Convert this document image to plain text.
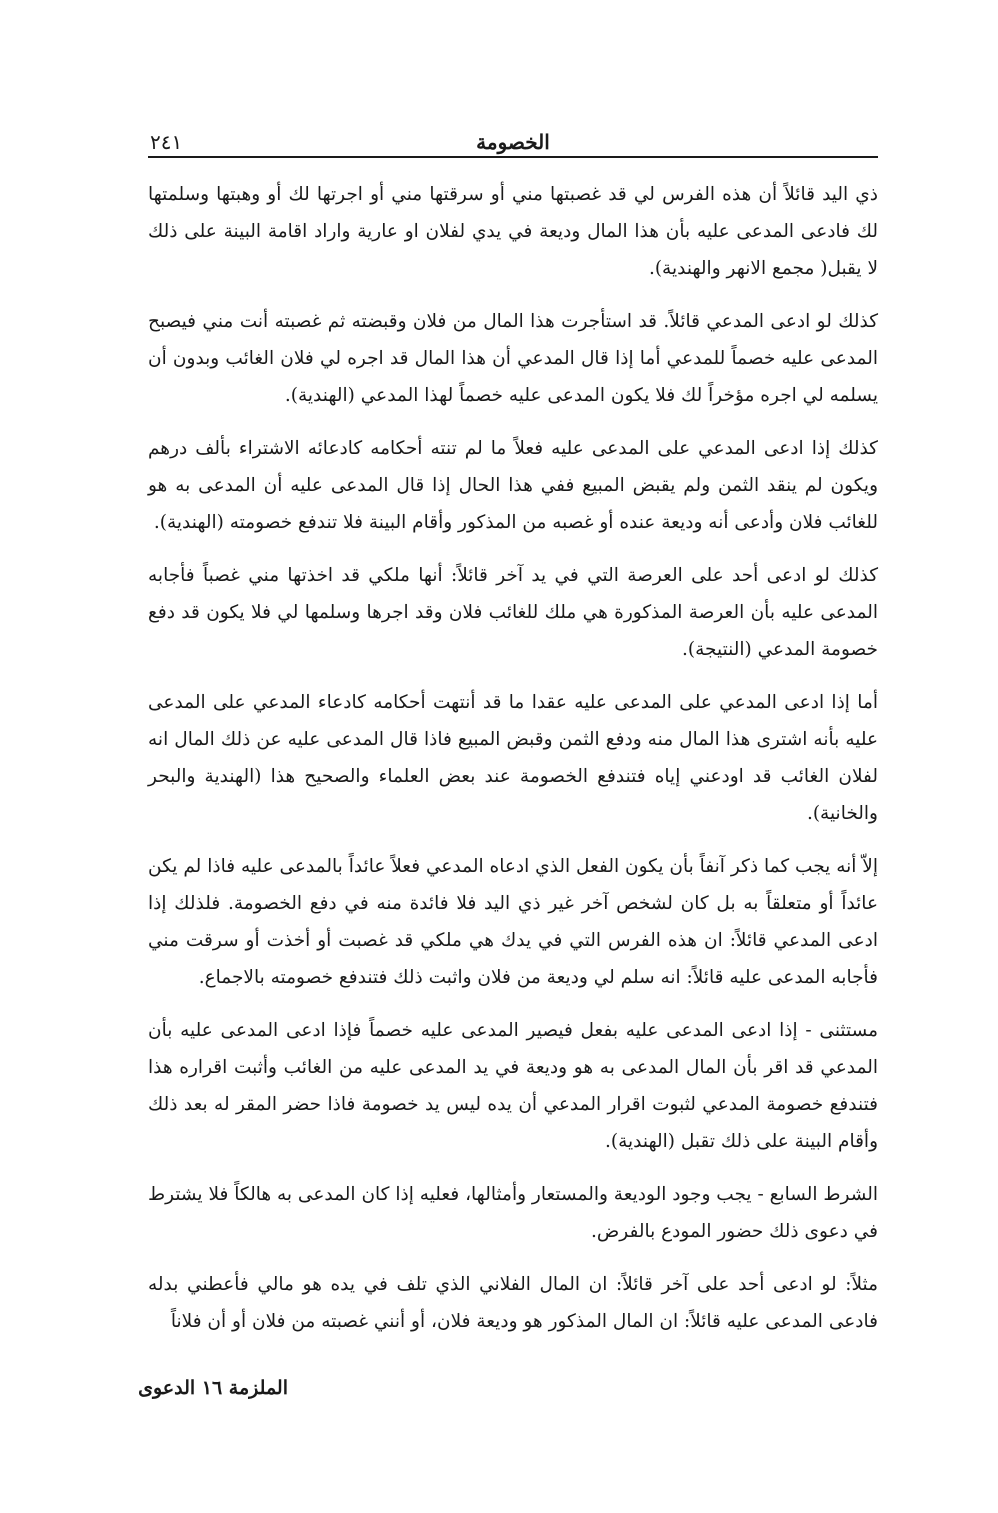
الخصومة
٢٤١

ذي اليد قائلاً أن هذه الفرس لي قد غصبتها مني أو سرقتها مني أو اجرتها لك أو وهبتها وسلمتها لك فادعى المدعى عليه بأن هذا المال وديعة في يدي لفلان او عارية واراد اقامة البينة على ذلك لا يقبل( مجمع الانهر والهندية).

كذلك لو ادعى المدعي قائلاً. قد استأجرت هذا المال من فلان وقبضته ثم غصبته أنت مني فيصبح المدعى عليه خصماً للمدعي أما إذا قال المدعي أن هذا المال قد اجره لي فلان الغائب وبدون أن يسلمه لي اجره مؤخراً لك فلا يكون المدعى عليه خصماً لهذا المدعي (الهندية).

كذلك إذا ادعى المدعي على المدعى عليه فعلاً ما لم تنته أحكامه كادعائه الاشتراء بألف درهم ويكون لم ينقد الثمن ولم يقبض المبيع ففي هذا الحال إذا قال المدعى عليه أن المدعى به هو للغائب فلان وأدعى أنه وديعة عنده أو غصبه من المذكور وأقام البينة فلا تندفع خصومته (الهندية).

كذلك لو ادعى أحد على العرصة التي في يد آخر قائلاً: أنها ملكي قد اخذتها مني غصباً فأجابه المدعى عليه بأن العرصة المذكورة هي ملك للغائب فلان وقد اجرها وسلمها لي فلا يكون قد دفع خصومة المدعي (النتيجة).

أما إذا ادعى المدعي على المدعى عليه عقدا ما قد أنتهت أحكامه كادعاء المدعي على المدعى عليه بأنه اشترى هذا المال منه ودفع الثمن وقبض المبيع فاذا قال المدعى عليه عن ذلك المال انه لفلان الغائب قد اودعني إياه فتندفع الخصومة عند بعض العلماء والصحيح هذا (الهندية والبحر والخانية).

إلاّ أنه يجب كما ذكر آنفاً بأن يكون الفعل الذي ادعاه المدعي فعلاً عائداً بالمدعى عليه فاذا لم يكن عائداً أو متعلقاً به بل كان لشخص آخر غير ذي اليد فلا فائدة منه في دفع الخصومة. فلذلك إذا ادعى المدعي قائلاً: ان هذه الفرس التي في يدك هي ملكي قد غصبت أو أخذت أو سرقت مني فأجابه المدعى عليه قائلاً: انه سلم لي وديعة من فلان واثبت ذلك فتندفع خصومته بالاجماع.

مستثنى - إذا ادعى المدعى عليه بفعل فيصير المدعى عليه خصماً فإذا ادعى المدعى عليه بأن المدعي قد اقر بأن المال المدعى به هو وديعة في يد المدعى عليه من الغائب وأثبت اقراره هذا فتندفع خصومة المدعي لثبوت اقرار المدعي أن يده ليس يد خصومة فاذا حضر المقر له بعد ذلك وأقام البينة على ذلك تقبل (الهندية).

الشرط السابع - يجب وجود الوديعة والمستعار وأمثالها، فعليه إذا كان المدعى به هالكاً فلا يشترط في دعوى ذلك حضور المودع بالفرض.

مثلاً: لو ادعى أحد على آخر قائلاً: ان المال الفلاني الذي تلف في يده هو مالي فأعطني بدله فادعى المدعى عليه قائلاً: ان المال المذكور هو وديعة فلان، أو أنني غصبته من فلان أو أن فلاناً

الملزمة ١٦ الدعوى
